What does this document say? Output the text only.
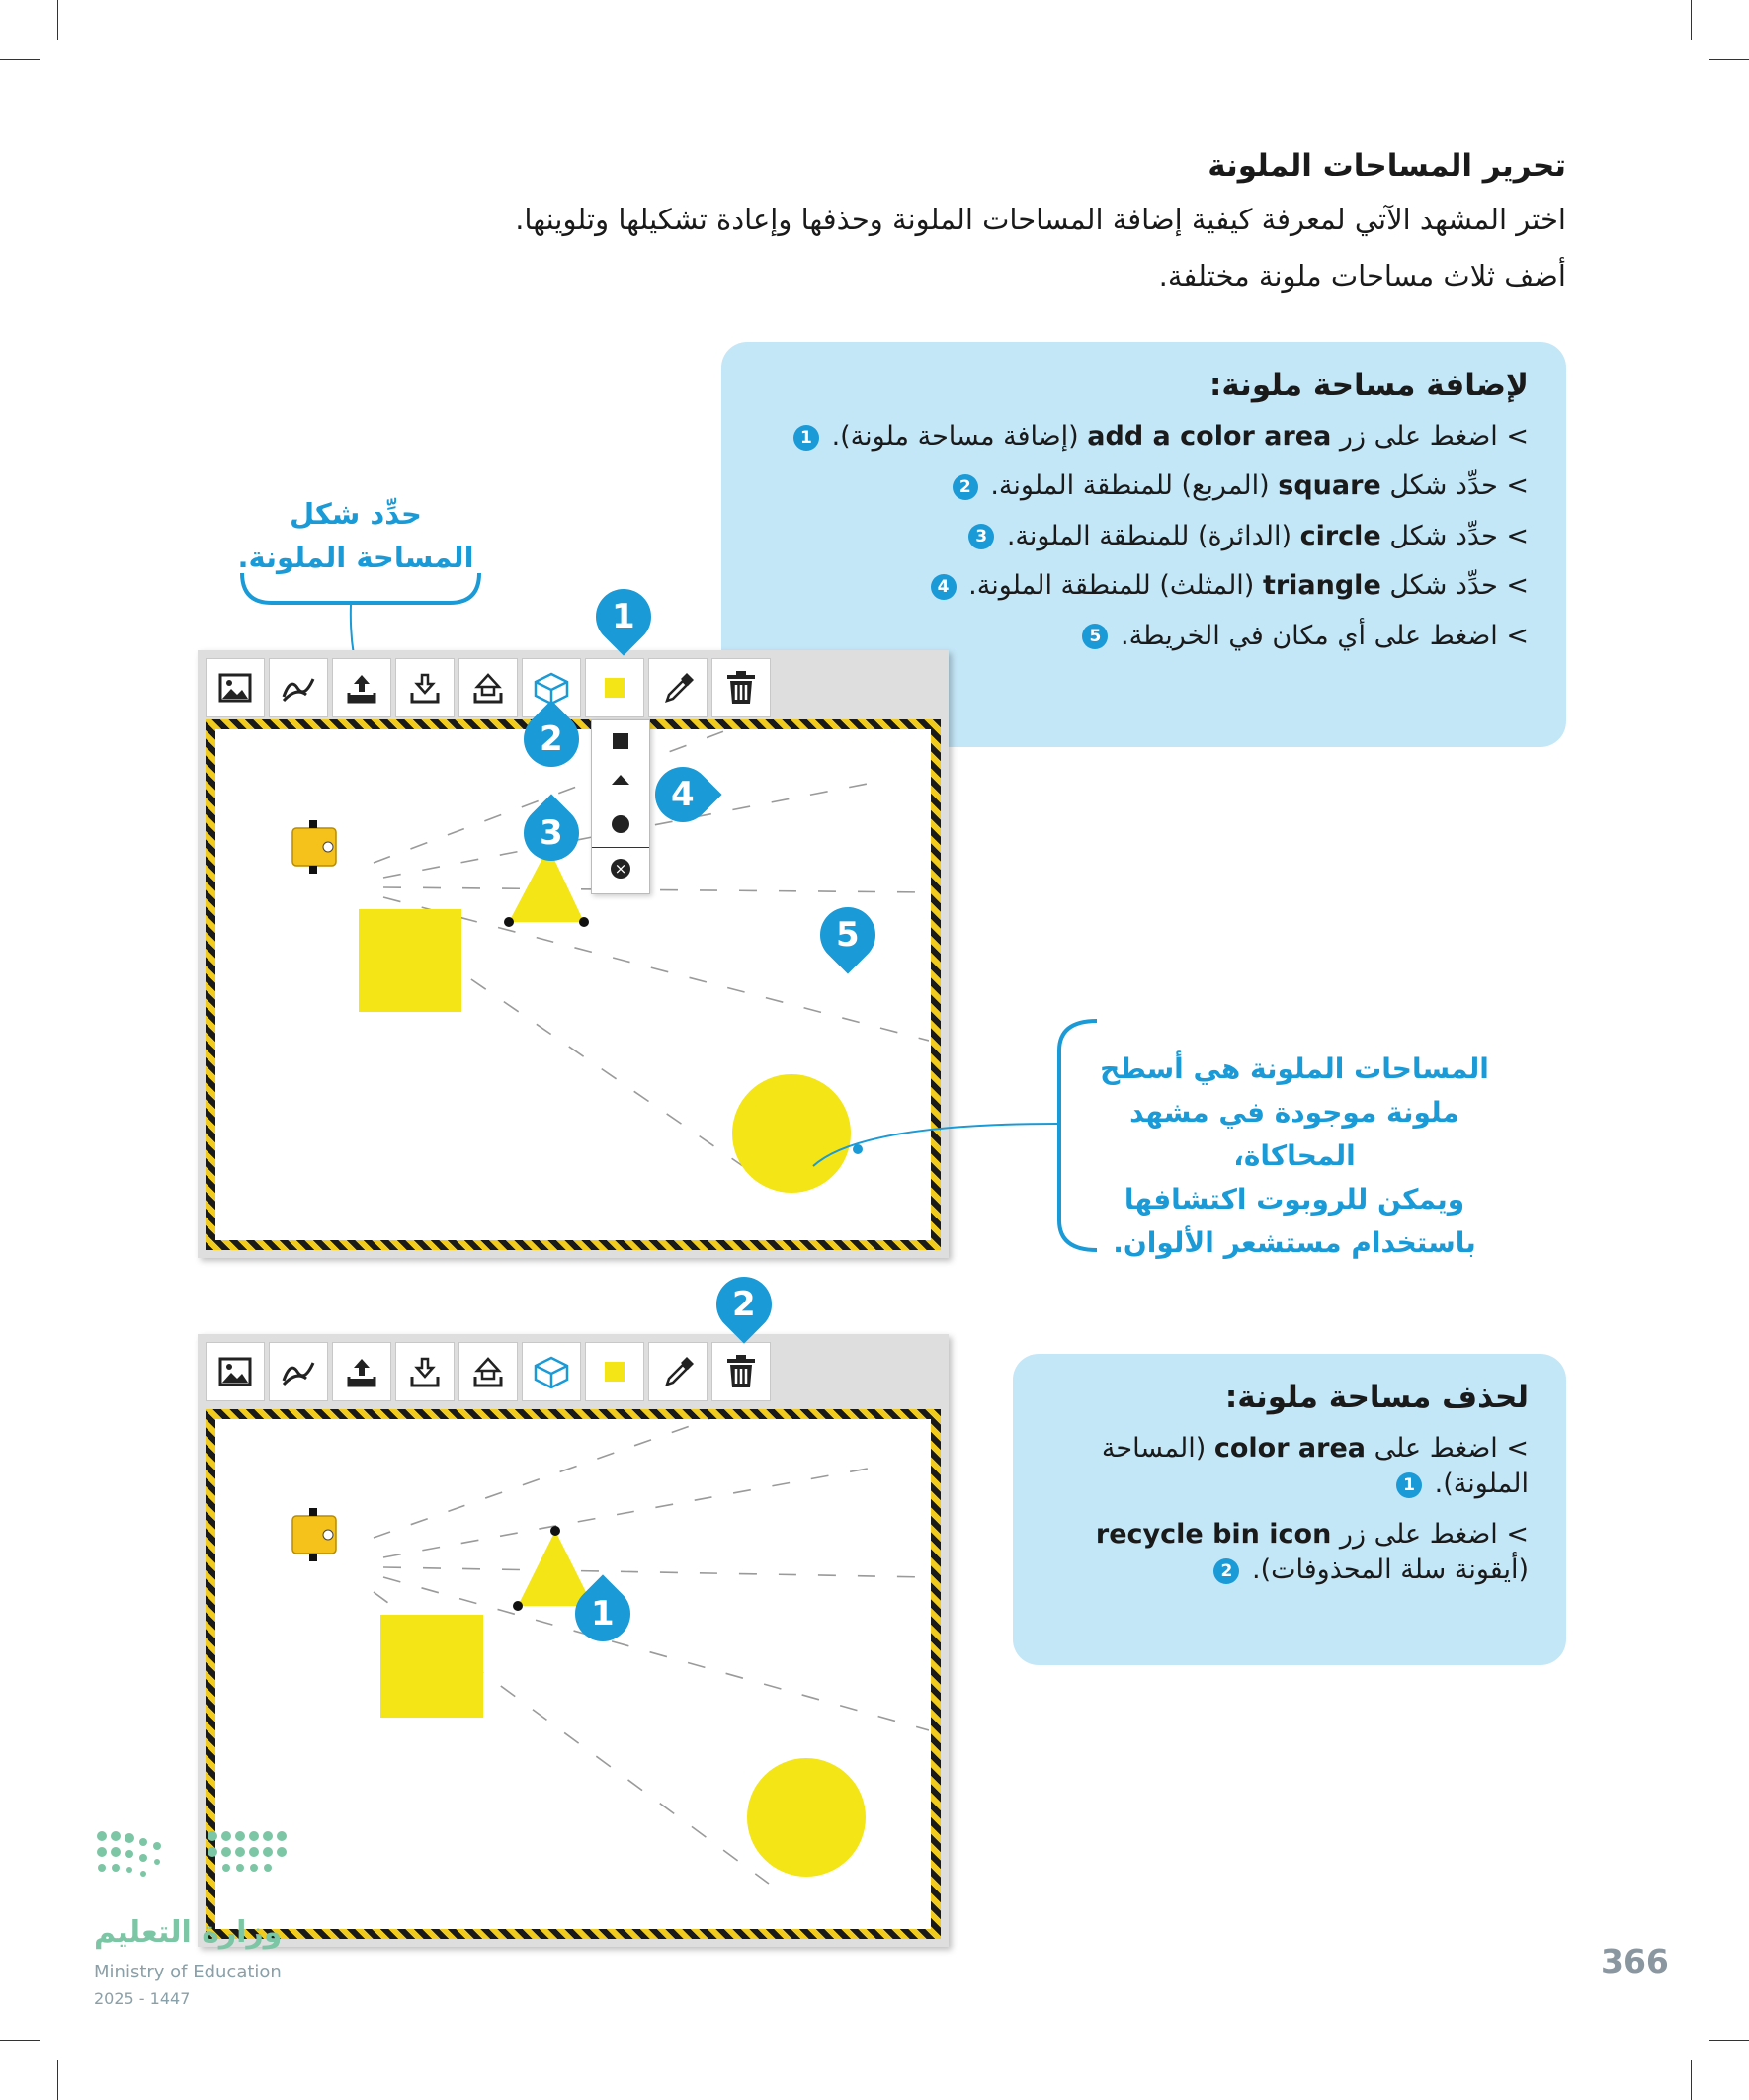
تحرير المساحات الملونة
اختر المشهد الآتي لمعرفة كيفية إضافة المساحات الملونة وحذفها وإعادة تشكيلها وتلوينها.
أضف ثلاث مساحات ملونة مختلفة.
لإضافة مساحة ملونة:
> اضغط على زر add a color area (إضافة مساحة ملونة). 1
> حدِّد شكل square (المربع) للمنطقة الملونة. 2
> حدِّد شكل circle (الدائرة) للمنطقة الملونة. 3
> حدِّد شكل triangle (المثلث) للمنطقة الملونة. 4
> اضغط على أي مكان في الخريطة. 5
حدِّد شكل
المساحة الملونة.
×
1
2
3
4
5
المساحات الملونة هي أسطح
ملونة موجودة في مشهد المحاكاة،
ويمكن للروبوت اكتشافها
باستخدام مستشعر الألوان.
لحذف مساحة ملونة:
> اضغط على color area (المساحة الملونة). 1
> اضغط على زر recycle bin icon (أيقونة سلة المحذوفات). 2
2
1
وزارة التعليم
Ministry of Education
2025 - 1447
366
